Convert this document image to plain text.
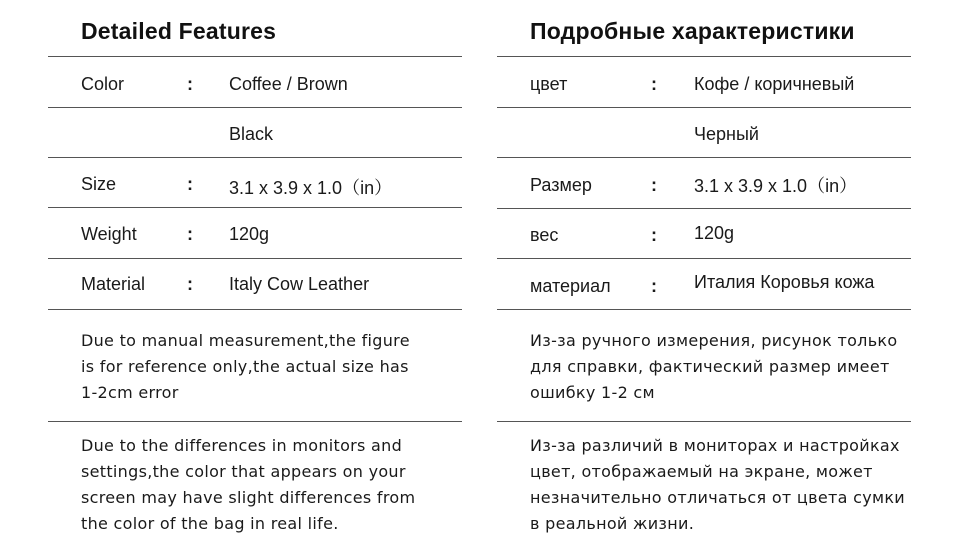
Detailed Features
Color	: Coffee / Brown
Black
Size	: 3.1 x 3.9 x 1.0（in）
Weight	: 120g
Material : Italy Cow Leather
Due to manual measurement,the figure
is for reference only,the actual size has
1-2cm error
Due to the differences in monitors and
settings,the color that appears on your
screen may have slight differences from
the color of the bag in real life.
Подробные характеристики
цвет	: Кофе / коричневый
Черный
Размер	: 3.1 x 3.9 x 1.0（in）
вес	: 120g
материал : Италия Коровья кожа
Из-за ручного измерения, рисунок только
для справки, фактический размер имеет
ошибку 1-2 см
Из-за различий в мониторах и настройках
цвет, отображаемый на экране, может
незначительно отличаться от цвета сумки
в реальной жизни.
